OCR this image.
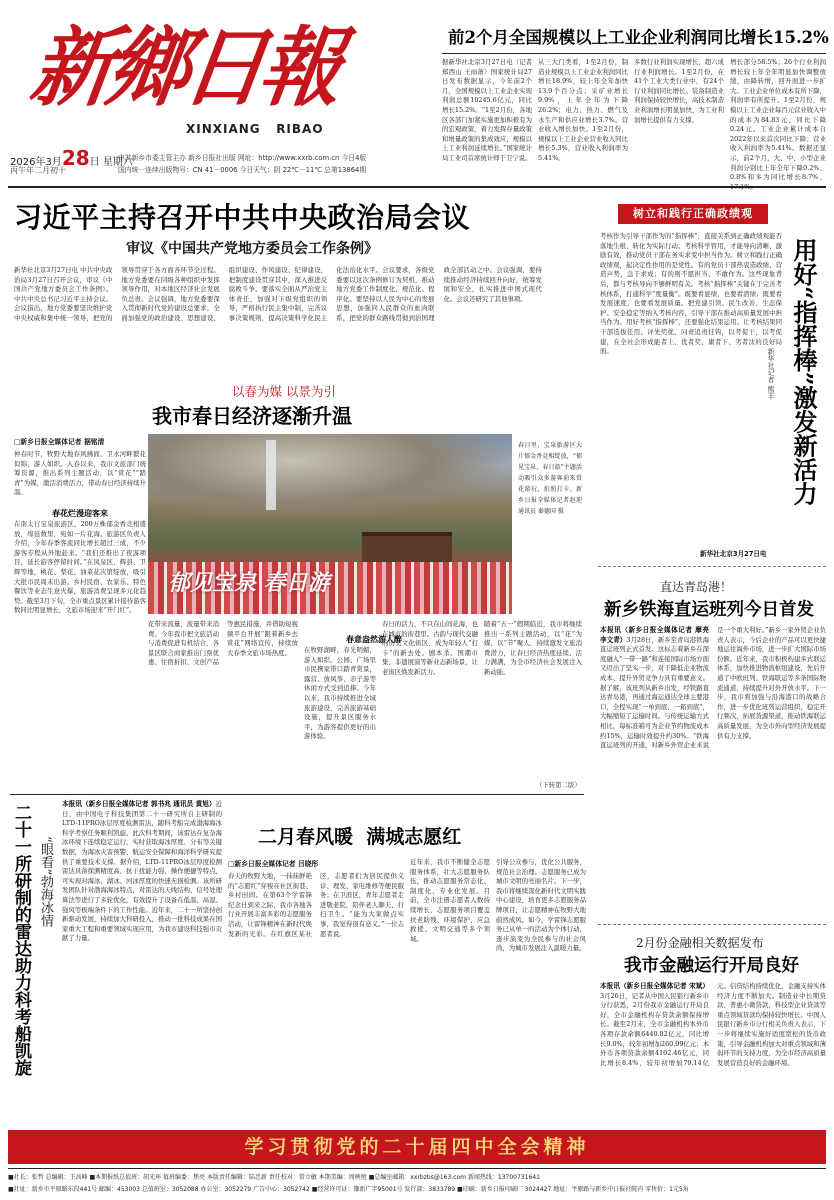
新鄉日報
XINXIANG   RIBAO
2026年3月28日 星期六
丙午年二月初十
中共新乡市委主管主办 新乡日报社出版 网址：http://www.xxrb.com.cn 今日4版
国内统一连续出版物号：CN 41－0006 今日天气：阴 22℃－11℃ 总第13864期
前2个月全国规模以上工业企业利润同比增长15.2%
据新华社北京3月27日电（记者 郑西山 王雨萧）国家统计局27日发布数据显示，今年前2个月，全国规模以上工业企业实现利润总额10245.6亿元，同比增长15.2%。“1至2月份，各地区各部门加紧实施更加积极有为的宏观政策，着力发挥存量政策和增量政策的集成效应，规模以上工业利润延续增长。”国家统计局工业司首席统计师于卫宁说。
从三大门类看，1至2月份，制造业规模以上工业企业利润同比增长18.9%，较上年全年加快13.9个百分点；采矿业增长9.9%，上年全年为下降26.2%；电力、热力、燃气及水生产和供应业增长3.7%。营业收入增长加快。1至2月份，规模以上工业企业营业收入同比增长5.3%，营业收入利润率为5.41%。
多数行业利润实现增长，超六成行业利润增长。1至2月份，在41个工业大类行业中，有24个行业利润同比增长。装备制造业利润保持较快增长，高技术制造业利润增长明显加快，为工业利润增长提供有力支撑。
增长部分58.5%；26个行业利润增长较上年全年明显加快调整放缓，由降转增，回升面进一步扩大。工业企业单位成本有所下降，利润率有所提升。1至2月份，规模以上工业企业每百元营业收入中的成本为84.83元，同比下降0.24元。工业企业累计成本自2022年以来首次同比下降；营业收入利润率为5.41%。数据还显示，前2个月，大、中、小型企业利润分别比上年全年下降0.2%、0.8%和多为同比增长8.7%、
习近平主持召开中共中央政治局会议
审议《中国共产党地方委员会工作条例》
新华社北京3月27日电 中共中央政治局3月27日召开会议，审议《中国共产党地方委员会工作条例》。中共中央总书记习近平主持会议。会议指出，地方党委要坚决维护党中央权威和集中统一领导，把党的领导贯穿于各方面各环节全过程。地方党委要在同级各种组织中发挥领导作用，对本地区经济社会发展负总责。会议强调，地方党委要深入贯彻新时代党的建设总要求，全面加强党的政治建设、思想建设、组织建设、作风建设、纪律建设，把制度建设贯穿其中，深入推进反腐败斗争。要落实全面从严治党主体责任，加强对下级党组织的领导，严格执行民主集中制，完善议事决策规则，提高决策科学化民主化法治化水平。会议要求，各级党委要以这次条例修订为契机，推动地方党委工作制度化、规范化、程序化。要坚持以人民为中心的发展思想，加强同人民群众的血肉联系，把党的群众路线贯彻到治国理政全部活动之中。会议强调，要持续推动经济持续回升向好，统筹发展和安全，扎实推进中国式现代化。会议还研究了其他事项。
树立和践行正确政绩观
考核作为引导干部作为的“指挥棒”，直接关系到正确政绩观能否落地生根、转化为实际行动。考核科学管用，才能导向清晰、激励有效，推动党员干部在务实求变中担当作为。树立和践行正确政绩观，起决定性作用的是党性。有的党员干部热衷造政绩、营造声势，急于求成；有的则不愿担当、不敢作为。这些现象背后，都与考核导向不够鲜明有关。考核“指挥棒”关键在于完善考核体系，打通科学“度量衡”。既要看显绩，也要看潜绩；既要看发展速度，也要看发展质量。把党建引领、民生改善、生态保护、安全稳定等纳入考核内容，引导干部在推动高质量发展中担当作为。用好考核“指挥棒”，还要强化结果运用。让考核结果同干部选拔任用、评先奖优、问责追责挂钩，以考促干，以考促建，在全社会形成能者上、优者奖、庸者下、劣者汰的良好局面。
新华社北京3月27日电
用好“指挥棒”激发新活力
新华社记者 熊丰
以春为媒 以景为引
我市春日经济逐渐升温
□新乡日报全媒体记者 据铭清
仲春时节，牧野大地春风拂面，卫水河畔繁花似锦，游人如织。入春以来，我市文旅部门统筹资源，推出系列主题活动，以“赏花”“踏青”为媒，激活消费活力，带动春日经济持续升温。
春花烂漫迎客来
在南太行宝泉旅游区，200万株郁金香竞相盛放，绵延数里，宛如一片花海。旅游区负责人介绍，今年春季客流同比增长超过三成，不少游客专程从外地赶来。“我们还推出了夜游项目，延长游客停留时间。”在凤泉区、辉县、卫辉等地，桃花、梨花、油菜花次第绽放，吸引大批市民周末出游。乡村民宿、农家乐、特色餐饮等业态生意火爆，旅游消费呈现多元化趋势。截至3月下旬，全市重点景区累计接待游客数同比明显增长，文旅市场迎来“开门红”。
郁见宝泉 春日游
春日里，宝泉旅游区大片郁金香竞相绽放，“郁见宝泉，春日游”主题活动吸引众多游客前来赏花游玩，拍照打卡。新乡日报全媒体记者赵迎 通讯员 秦德国 摄
花带来流量，流量带来消费。今年我市把文旅活动与消费促进有机结合，各景区联合商家推出门票优惠、住宿折扣、文创产品等惠民措施，并借助短视频平台开展“跟着新乡去赏花”网络宣传，持续放大春季文旅市场热度。
春意盎然游人醉
在牧野湖畔，春光明媚，游人如织。公园、广场里市民携家带口踏青赏景，露营、放风筝、亲子游等休闲方式受到追捧。今年以来，我市持续推进全域旅游建设，完善旅游基础设施，提升景区服务水平，为游客提供更好的出游体验。
春日的活力，不只在山间花海，也在城市的街巷里。古韵与现代交融的历史文化街区，成为年轻人“打卡”的新去处。剧本杀、国潮市集、非遗展演等新业态新场景，让老街区焕发新活力。
随着“五一”假期临近，我市将继续推出一系列主题活动，以“花”为媒、以“节”聚人，持续激发文旅消费潜力，让春日经济热度延续、活力满满，为全市经济社会发展注入新动能。
（下转第二版）
直达青岛港！
新乡铁海直运班列今日首发
本报讯（新乡日报全媒体记者 摩亮 李文青）3月28日，新乡至青岛港铁海直运班列正式首发。这标志着新乡在深度融入“一带一路”和连接国际市场方面又迈出了坚实一步，对于降低企业物流成本、提升外贸竞争力具有重要意义。据了解，该班列从新乡出发，经铁路直达青岛港，再通过海运通达全球主要港口，全程实现“一单到底、一箱到底”，大幅缩短了运输时间。与传统运输方式相比，每标准箱可为企业节约物流成本约15%，运输时效提升约30%。“铁海直运班列的开通，对新乡外贸企业来说是一个重大利好。”新乡一家外贸企业负责人表示，今后企业的产品可以更快捷地运往海外市场，进一步扩大国际市场份额。近年来，我市积极构建多式联运体系，加快推进物流枢纽建设，先后开通了中欧班列、铁海联运等多条国际物流通道，持续提升对外开放水平。下一步，我市将加强与沿海港口的战略合作，进一步优化班列运营组织，稳定开行频次，拓展货源渠道，推动铁海联运高质量发展，为全市外向型经济发展提供有力支撑。
二十一所研制的雷达助力科考船凯旋 “眼看”勃海冰情
本报讯（新乡日报全媒体记者 郭书兆 通讯员 黄旭）近日，由中国电子科技集团第二十一研究所自主研制的LTD-11PRO冰层厚度检测雷达，随科考船完成渤海海冰科学考察任务顺利凯旋。此次科考期间，该雷达在复杂海冰环境下连续稳定运行，实时获取海冰厚度、分布等关键数据，为海冰灾害预警、航运安全保障和海洋科学研究提供了重要技术支撑。据介绍，LTD-11PRO冰层厚度检测雷达具备探测精度高、抗干扰能力强、操作便捷等特点，可实现对海冰、湖冰、河冰厚度的快速无损检测。该所研发团队针对渤海海冰特点，对雷达的天线结构、信号处理算法等进行了多轮优化，有效提升了设备在低温、高湿、强风等极端条件下的工作性能。近年来，二十一所坚持创新驱动发展，持续加大科研投入，推动一批科技成果在国家重大工程和重要领域实现应用，为我市建设科技强市贡献了力量。
二月春风暖  满城志愿红
□新乡日报全媒体记者 吕晓彤
春天的牧野大地，一抹抹鲜艳的“志愿红”穿梭在社区街巷、乡村田间。在第63个学雷锋纪念日到来之际，我市各地各行业开展丰富多彩的志愿服务活动，让雷锋精神在新时代焕发新的光彩。在红旗区某社区，志愿者们为居民提供义诊、理发、家电维修等便民服务；在卫滨区，青年志愿者走进敬老院，陪伴老人聊天、打扫卫生。“能为大家做点实事，我觉得很有意义。”一位志愿者说。
近年来，我市不断健全志愿服务体系，壮大志愿服务队伍，推动志愿服务常态化、制度化、专业化发展。目前，全市注册志愿者人数持续增长，志愿服务项目覆盖扶老助残、环境保护、应急救援、文明交通等多个领域。
引导公众参与，优化公共服务，规范社会治理。志愿服务已成为城市文明的亮丽名片。下一步，我市将继续深化新时代文明实践中心建设，培育更多志愿服务品牌项目，让志愿精神在牧野大地蔚然成风。如今，学雷锋志愿服务已从单一的活动为个体行动，逐步演变为全民参与的社会风尚，为城市发展注入温暖力量。	2月份金融相关数据发布
我市金融运行开局良好
本报讯（新乡日报全媒体记者 宋斌）3月26日，记者从中国人民银行新乡市分行获悉，2月份我市金融运行开局良好，全市金融机构存贷款余额保持增长。截至2月末，全市金融机构本外币各项存款余额6440.82亿元，同比增长9.0%，较年初增加260.99亿元；本外币各项贷款余额4102.46亿元，同比增长8.4%，较年初增加79.14亿元。信贷结构持续优化，金融支持实体经济力度不断加大。制造业中长期贷款、普惠小微贷款、科技型企业贷款等重点领域贷款均保持较快增长。中国人民银行新乡市分行相关负责人表示，下一步将继续实施好适度宽松的货币政策，引导金融机构加大对重点领域和薄弱环节的支持力度，为全市经济高质量发展营造良好的金融环境。
学习贯彻党的二十届四中全会精神
■社长：张哲 总编辑：王高峰 ■本期报纸总值班：胡光环 值班编委：焦亮 本版责任编辑：陆忠新 责任校对：常立敏 本期美编：周映旭 ■总编室邮箱：xxrbzbs@163.com 新闻热线：13700731641
■社址：新乡市平原路东段441号 邮编：453003 总值班室：3052088 办公室：3052279 广告中心：3052742 ■经营许可证：豫新广字95001号 发行部：3833789 ■印刷：新乡日报印刷厂 3024427 地址：平原路与新乡中日报社院内 零售价：1元5角
